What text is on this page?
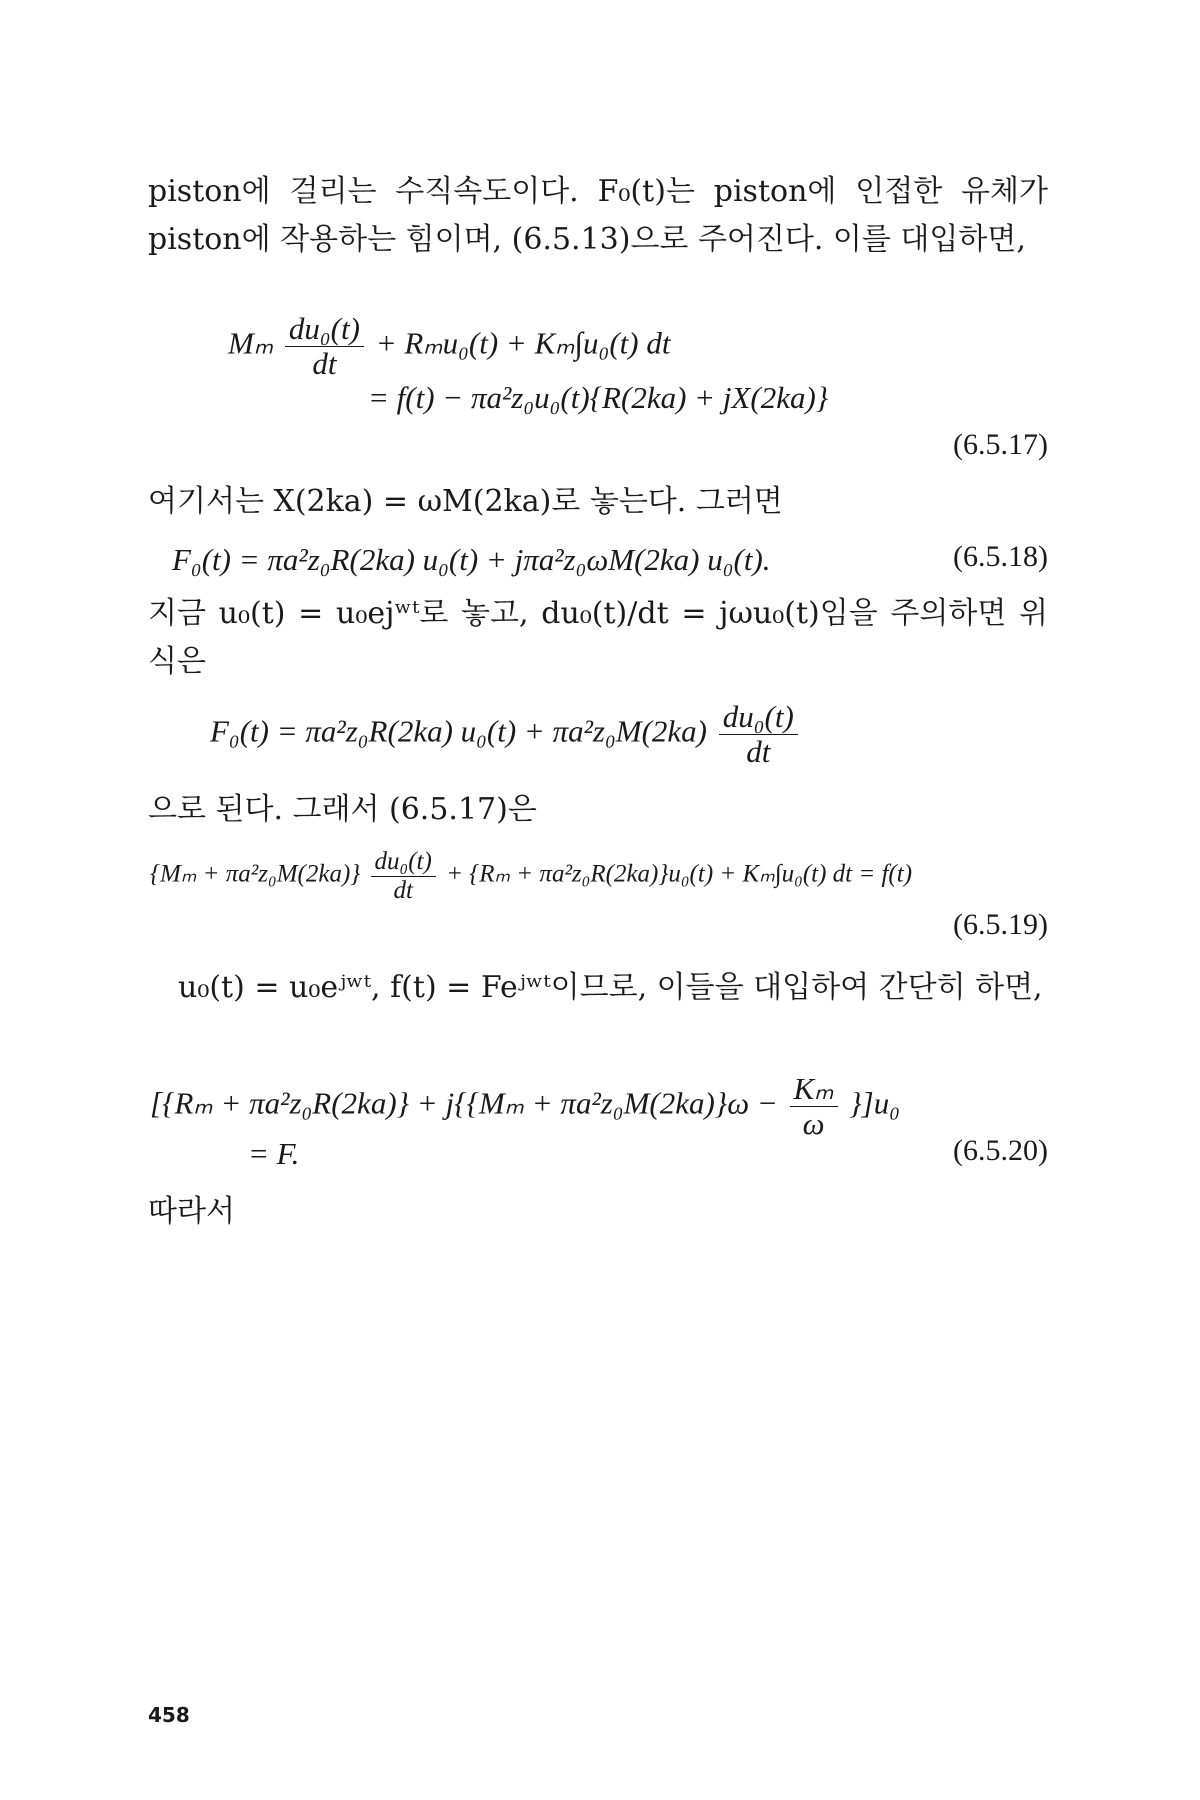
piston에 걸리는 수직속도이다. F₀(t)는 piston에 인접한 유체가 piston에 작용하는 힘이며, (6.5.13)으로 주어진다. 이를 대입하면,
Mₘ $\frac{\text{du₀(t)}}{dt} + R_mu_0(t) + K_m\int u_0(t)$ dt
= f(t) − πa²z₀u₀(t){R(2ka) + jX(2ka)}
(6.5.17)
여기서는 X(2ka) = ωM(2ka)로 놓는다. 그러면
F₀(t) = πa²z₀R(2ka) u₀(t) + jπa²z₀ωM(2ka) u₀(t).	(6.5.18)
지금 u₀(t) = u₀ejʷᵗ로 놓고, du₀(t)/dt = jωu₀(t)임을 주의하면 위 식은
F₀(t) = πa²z₀R(2ka) $u_0(t) + \pi a^2z_0M(2ka) \frac{\text{du₀(t)}}{dt}$
으로 된다. 그래서 (6.5.17)은
$\{M_m + \pi a^2z_0M(2ka)\} \frac{\text{du₀(t)}}{dt} + \{R_m + \pi a^2z_0R(2ka)\}u_0(t) + K_m\int u_0(t)$ dt = f(t)
(6.5.19)
u₀(t) = u₀eʲʷᵗ, f(t) = Feʲʷᵗ이므로, 이들을 대입하여 간단히 하면,
$[\{R_m + \pi a^2z_0R(2ka)\} + j\{\{M_m + \pi a^2z_0M(2ka)\}\omega - \frac{\text{Kₘ}}{\omega} \}]u_0$
= F.	(6.5.20)
따라서
458
